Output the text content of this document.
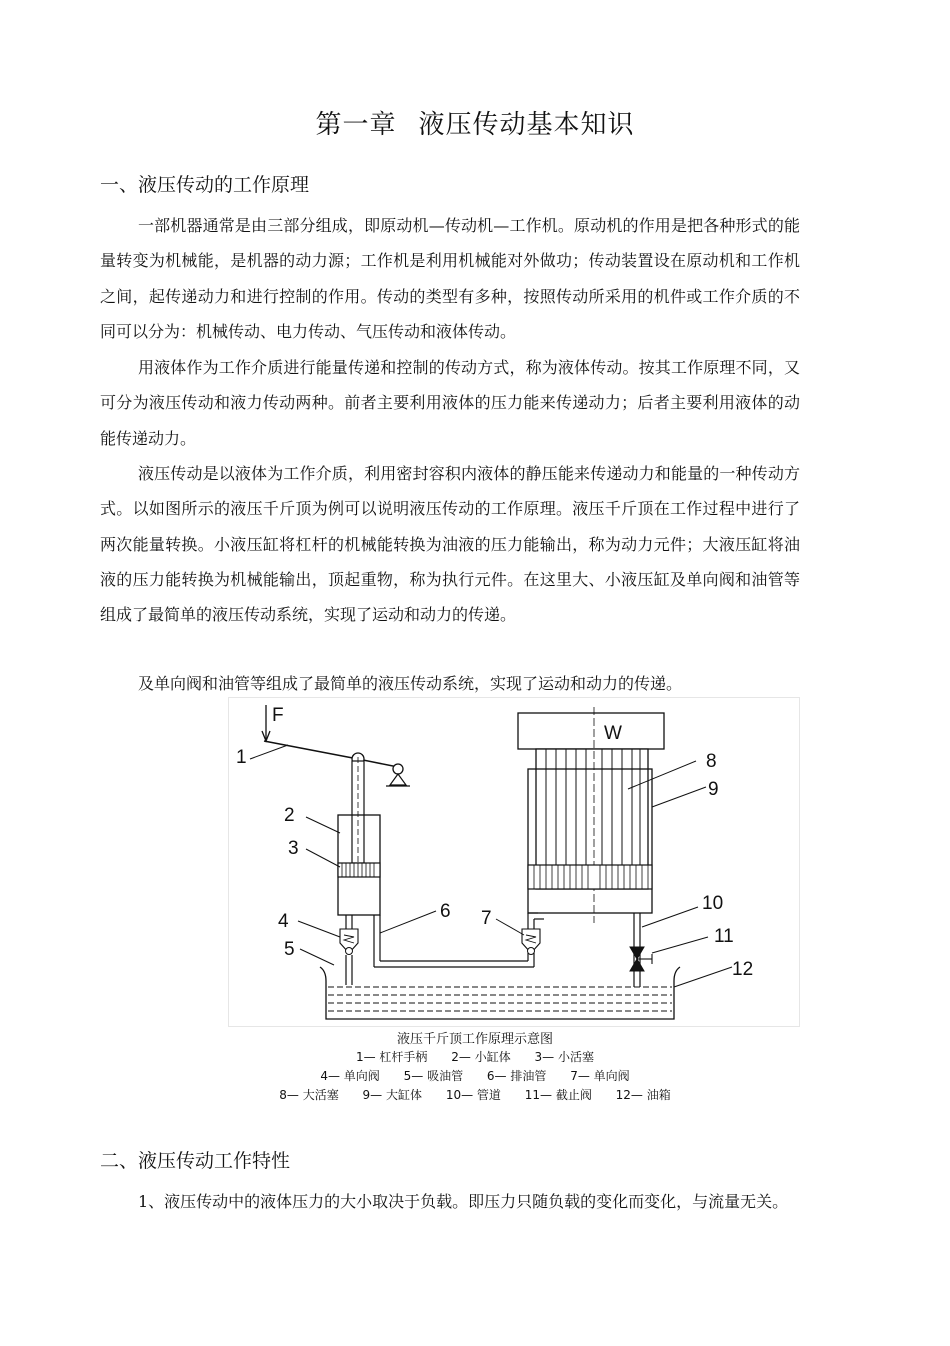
第一章 液压传动基本知识
一、液压传动的工作原理

一部机器通常是由三部分组成，即原动机—传动机—工作机。原动机的作用是把各种形式的能量转变为机械能，是机器的动力源；工作机是利用机械能对外做功；传动装置设在原动机和工作机之间，起传递动力和进行控制的作用。传动的类型有多种，按照传动所采用的机件或工作介质的不同可以分为：机械传动、电力传动、气压传动和液体传动。

用液体作为工作介质进行能量传递和控制的传动方式，称为液体传动。按其工作原理不同，又可分为液压传动和液力传动两种。前者主要利用液体的压力能来传递动力；后者主要利用液体的动能传递动力。

液压传动是以液体为工作介质，利用密封容积内液体的静压能来传递动力和能量的一种传动方式。以如图所示的液压千斤顶为例可以说明液压传动的工作原理。液压千斤顶在工作过程中进行了两次能量转换。小液压缸将杠杆的机械能转换为油液的压力能输出，称为动力元件；大液压缸将油液的压力能转换为机械能输出，顶起重物，称为执行元件。在这里大、小液压缸及单向阀和油管等组成了最简单的液压传动系统，实现了运动和动力的传递。

及单向阀和油管等组成了最简单的液压传动系统，实现了运动和动力的传递。

F
W
1
2
3
4
5
6 7
8
9
10
11
12

液压千斤顶工作原理示意图

1— 杠杆手柄 2— 小缸体 3— 小活塞
4— 单向阀 5— 吸油管 6— 排油管 7— 单向阀
8— 大活塞 9— 大缸体 10— 管道 11— 截止阀 12— 油箱
二、液压传动工作特性

1、液压传动中的液体压力的大小取决于负载。即压力只随负载的变化而变化，与流量无关。
